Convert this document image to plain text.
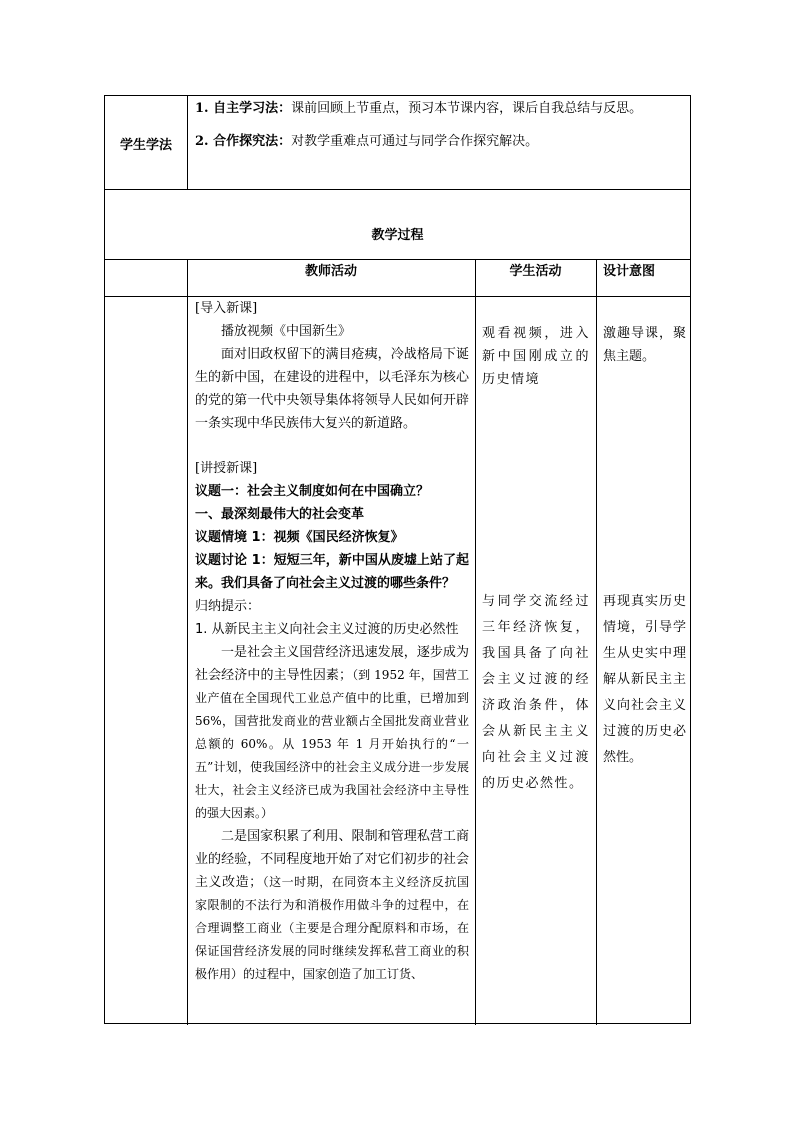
学生学法

1. 自主学习法：课前回顾上节重点，预习本节课内容，课后自我总结与反思。

2. 合作探究法：对教学重难点可通过与同学合作探究解决。

教学过程
教师活动	学生活动	设计意图

[导入新课]

播放视频《中国新生》

面对旧政权留下的满目疮痍，冷战格局下诞生的新中国，在建设的进程中，以毛泽东为核心的党的第一代中央领导集体将领导人民如何开辟一条实现中华民族伟大复兴的新道路。

[讲授新课]

议题一：社会主义制度如何在中国确立？

一、最深刻最伟大的社会变革

议题情境 1：视频《国民经济恢复》

议题讨论 1：短短三年，新中国从废墟上站了起来。我们具备了向社会主义过渡的哪些条件？

归纳提示：

1. 从新民主主义向社会主义过渡的历史必然性

一是社会主义国营经济迅速发展，逐步成为社会经济中的主导性因素；（到 1952 年，国营工业产值在全国现代工业总产值中的比重，已增加到 56%，国营批发商业的营业额占全国批发商业营业总额的 60%。从 1953 年 1 月开始执行的“一五”计划，使我国经济中的社会主义成分进一步发展壮大，社会主义经济已成为我国社会经济中主导性的强大因素。）

二是国家积累了利用、限制和管理私营工商业的经验，不同程度地开始了对它们初步的社会主义改造；（这一时期，在同资本主义经济反抗国家限制的不法行为和消极作用做斗争的过程中，在合理调整工商业（主要是合理分配原料和市场，在保证国营经济发展的同时继续发挥私营工商业的积极作用）的过程中，国家创造了加工订货、

观看视频，进入新中国刚成立的历史情境
与同学交流经过三年经济恢复，我国具备了向社会主义过渡的经济政治条件，体会从新民主主义向社会主义过渡的历史必然性。
激趣导课，聚焦主题。
再现真实历史情境，引导学生从史实中理解从新民主主义向社会主义过渡的历史必然性。
